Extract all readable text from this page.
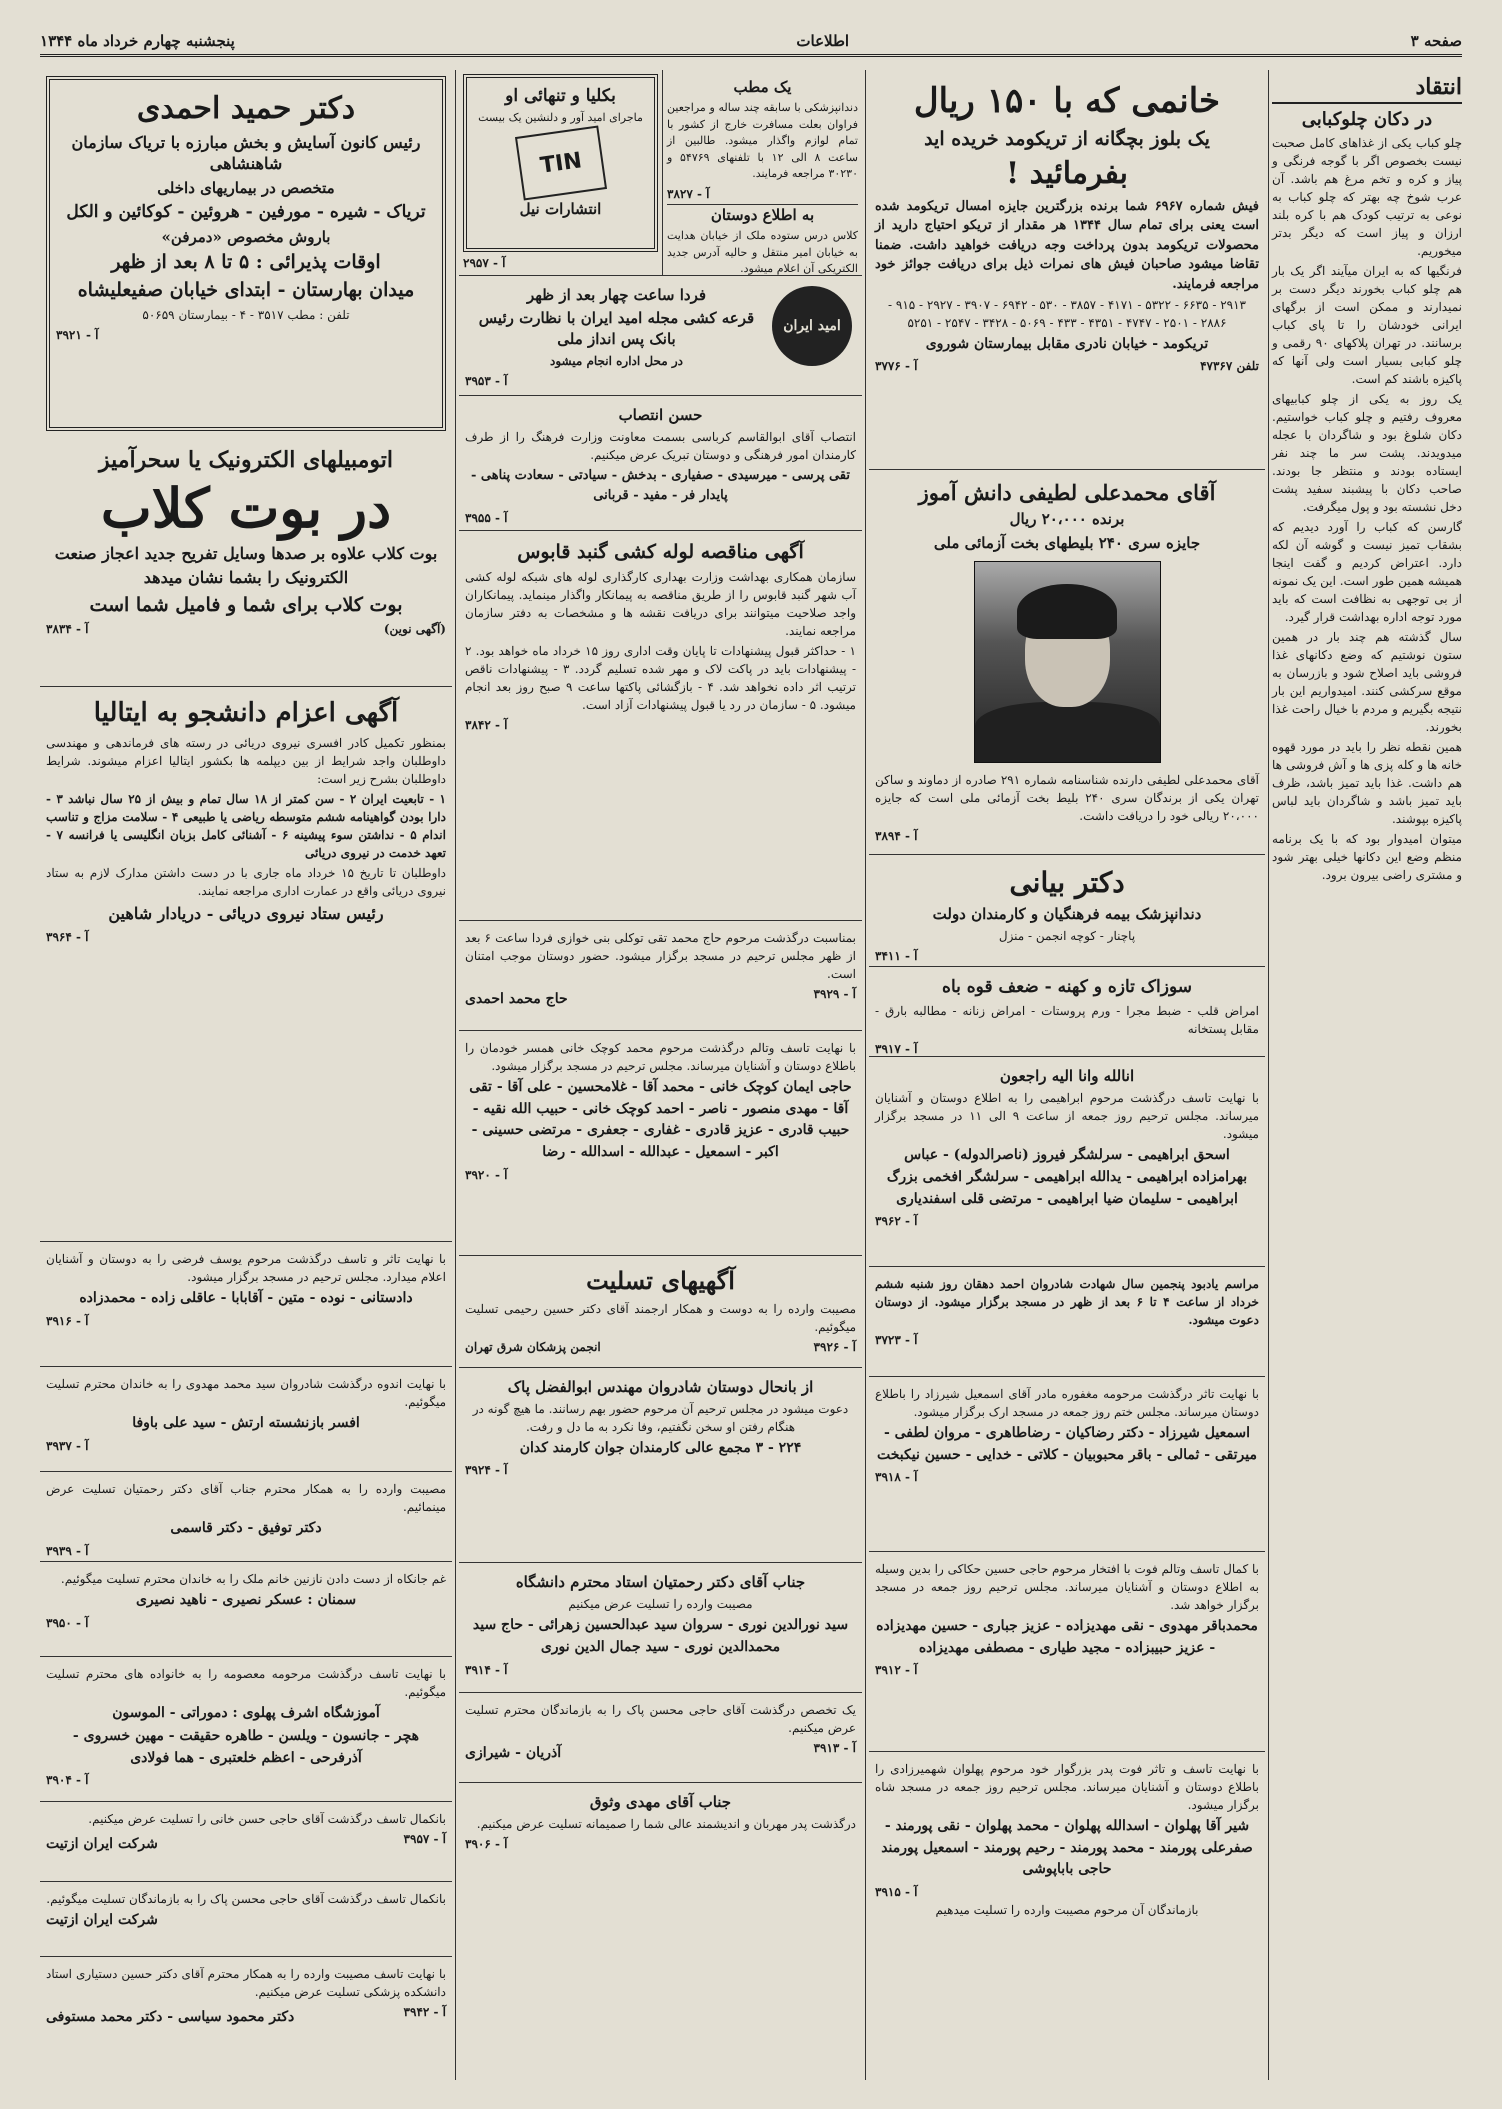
صفحه ۳
اطلاعات
پنجشنبه چهارم خرداد ماه ۱۳۴۴
انتقاد
در دکان چلوکبابی

چلو کباب یکی از غذاهای کامل صحبت نیست بخصوص اگر با گوجه فرنگی و پیاز و کره و تخم مرغ هم باشد. آن عرب شوخ چه بهتر که چلو کباب به نوعی به ترتیب کودک هم با کره بلند ارزان و پیاز است که دیگر بدتر میخوریم.

فرنگیها که به ایران میآیند اگر یک بار هم چلو کباب بخورند دیگر دست بر نمیدارند و ممکن است از برگهای ایرانی خودشان را تا پای کباب برسانند. در تهران پلاکهای ۹۰ رقمی و چلو کبابی بسیار است ولی آنها که پاکیزه باشند کم است.

یک روز به یکی از چلو کبابیهای معروف رفتیم و چلو کباب خواستیم. دکان شلوغ بود و شاگردان با عجله میدویدند. پشت سر ما چند نفر ایستاده بودند و منتظر جا بودند. صاحب دکان با پیشبند سفید پشت دخل نشسته بود و پول میگرفت.

گارسن که کباب را آورد دیدیم که بشقاب تمیز نیست و گوشه آن لکه دارد. اعتراض کردیم و گفت اینجا همیشه همین طور است. این یک نمونه از بی توجهی به نظافت است که باید مورد توجه اداره بهداشت قرار گیرد.

سال گذشته هم چند بار در همین ستون نوشتیم که وضع دکانهای غذا فروشی باید اصلاح شود و بازرسان به موقع سرکشی کنند. امیدواریم این بار نتیجه بگیریم و مردم با خیال راحت غذا بخورند.

همین نقطه نظر را باید در مورد قهوه خانه ها و کله پزی ها و آش فروشی ها هم داشت. غذا باید تمیز باشد، ظرف باید تمیز باشد و شاگردان باید لباس پاکیزه بپوشند.

میتوان امیدوار بود که با یک برنامه منظم وضع این دکانها خیلی بهتر شود و مشتری راضی بیرون برود.

خانمی که با ۱۵۰ ریال
یک بلوز بچگانه از تریکومد خریده اید
بفرمائید !

فیش شماره ۶۹۶۷ شما برنده بزرگترین جایزه امسال تریکومد شده است یعنی برای تمام سال ۱۳۴۴ هر مقدار از تریکو احتیاج دارید از محصولات تریکومد بدون پرداخت وجه دریافت خواهید داشت. ضمنا تقاضا میشود صاحبان فیش های نمرات ذیل برای دریافت جوائز خود مراجعه فرمایند.

۲۹۱۳ - ۶۶۳۵ - ۵۳۲۲ - ۴۱۷۱ - ۳۸۵۷ - ۵۳۰ - ۶۹۴۲ - ۳۹۰۷ - ۲۹۲۷ - ۹۱۵ - ۲۸۸۶ - ۲۵۰۱ - ۴۷۴۷ - ۴۳۵۱ - ۴۳۳ - ۵۰۶۹ - ۳۴۲۸ - ۲۵۴۷ - ۵۲۵۱

تریکومد - خیابان نادری مقابل بیمارستان شوروی
تلفن ۴۷۳۶۷
آ - ۳۷۷۶
آقای محمدعلی لطیفی دانش آموز
برنده ۲۰،۰۰۰ ریال
جایزه سری ۲۴۰ بلیطهای بخت آزمائی ملی

آقای محمدعلی لطیفی دارنده شناسنامه شماره ۲۹۱ صادره از دماوند و ساکن تهران یکی از برندگان سری ۲۴۰ بلیط بخت آزمائی ملی است که جایزه ۲۰،۰۰۰ ریالی خود را دریافت داشت.

آ - ۳۸۹۴
دکتر بیانی
دندانپزشک بیمه فرهنگیان و کارمندان دولت
پاچنار - کوچه انجمن - منزل
آ - ۳۴۱۱
سوزاک تازه و کهنه - ضعف قوه باه

امراض قلب - ضبط مجرا - ورم پروستات - امراض زنانه - مطالبه بارق - مقابل پستخانه

آ - ۳۹۱۷
انالله وانا الیه راجعون

با نهایت تاسف درگذشت مرحوم ابراهیمی را به اطلاع دوستان و آشنایان میرساند. مجلس ترحیم روز جمعه از ساعت ۹ الی ۱۱ در مسجد برگزار میشود.

اسحق ابراهیمی - سرلشگر فیروز (ناصرالدوله) - عباس بهرامزاده ابراهیمی - یدالله ابراهیمی - سرلشگر افخمی بزرگ ابراهیمی - سلیمان ضیا ابراهیمی - مرتضی قلی اسفندیاری
آ - ۳۹۶۲

مراسم یادبود پنجمین سال شهادت شادروان احمد دهقان روز شنبه ششم خرداد از ساعت ۴ تا ۶ بعد از ظهر در مسجد برگزار میشود. از دوستان دعوت میشود.

آ - ۳۷۲۳

با نهایت تاثر درگذشت مرحومه مغفوره مادر آقای اسمعیل شیرزاد را باطلاع دوستان میرساند. مجلس ختم روز جمعه در مسجد ارک برگزار میشود.

اسمعیل شیرزاد - دکتر رضاکیان - رضاطاهری - مروان لطفی - میرتقی - ثمالی - باقر محبوبیان - کلاتی - خدایی - حسین نیکبخت
آ - ۳۹۱۸

با کمال تاسف وتالم فوت با افتخار مرحوم حاجی حسین حکاکی را بدین وسیله به اطلاع دوستان و آشنایان میرساند. مجلس ترحیم روز جمعه در مسجد برگزار خواهد شد.

محمدباقر مهدوی - نقی مهدیزاده - عزیز جباری - حسین مهدیزاده - عزیز حبیبزاده - مجید طیاری - مصطفی مهدیزاده
آ - ۳۹۱۲

با نهایت تاسف و تاثر فوت پدر بزرگوار خود مرحوم پهلوان شهمیرزادی را باطلاع دوستان و آشنایان میرساند. مجلس ترحیم روز جمعه در مسجد شاه برگزار میشود.

شیر آقا پهلوان - اسدالله پهلوان - محمد پهلوان - نقی پورمند - صفرعلی پورمند - محمد پورمند - رحیم پورمند - اسمعیل پورمند حاجی باباپوشی
آ - ۳۹۱۵
بازماندگان آن مرحوم مصیبت وارده را تسلیت میدهیم
یک مطب

دندانپزشکی با سابقه چند ساله و مراجعین فراوان بعلت مسافرت خارج از کشور با تمام لوازم واگذار میشود. طالبین از ساعت ۸ الی ۱۲ با تلفنهای ۵۴۷۶۹ و ۳۰۲۳۰ مراجعه فرمایند.

آ - ۳۸۲۷
به اطلاع دوستان

کلاس درس ستوده ملک از خیابان هدایت به خیابان امیر منتقل و حالیه آدرس جدید الکتریکی آن اعلام میشود.

بکلیا و تنهائی او
ماجرای امید آور و دلنشین یک بیست
TIN
انتشارات نیل
آ - ۲۹۵۷
امید ایران
فردا ساعت چهار بعد از ظهر
قرعه کشی مجله امید ایران با نظارت رئیس بانک پس انداز ملی
در محل اداره انجام میشود
آ - ۳۹۵۳
حسن انتصاب

انتصاب آقای ابوالقاسم کرباسی بسمت معاونت وزارت فرهنگ را از طرف کارمندان امور فرهنگی و دوستان تبریک عرض میکنیم.

تقی پرسی - میرسیدی - صفیاری - بدخش - سیادتی - سعادت پناهی - پایدار فر - مفید - قربانی
آ - ۳۹۵۵
آگهی مناقصه لوله کشی گنبد قابوس

سازمان همکاری بهداشت وزارت بهداری کارگذاری لوله های شبکه لوله کشی آب شهر گنبد قابوس را از طریق مناقصه به پیمانکار واگذار مینماید. پیمانکاران واجد صلاحیت میتوانند برای دریافت نقشه ها و مشخصات به دفتر سازمان مراجعه نمایند.

۱ - حداکثر قبول پیشنهادات تا پایان وقت اداری روز ۱۵ خرداد ماه خواهد بود. ۲ - پیشنهادات باید در پاکت لاک و مهر شده تسلیم گردد. ۳ - پیشنهادات ناقص ترتیب اثر داده نخواهد شد. ۴ - بازگشائی پاکتها ساعت ۹ صبح روز بعد انجام میشود. ۵ - سازمان در رد یا قبول پیشنهادات آزاد است.

آ - ۳۸۴۲

بمناسبت درگذشت مرحوم حاج محمد تقی توکلی بنی خوازی فردا ساعت ۶ بعد از ظهر مجلس ترحیم در مسجد برگزار میشود. حضور دوستان موجب امتنان است.

آ - ۳۹۲۹
حاج محمد احمدی

با نهایت تاسف وتالم درگذشت مرحوم محمد کوچک خانی همسر خودمان را باطلاع دوستان و آشنایان میرساند. مجلس ترحیم در مسجد برگزار میشود.

حاجی ایمان کوچک خانی - محمد آقا - غلامحسین - علی آقا - تقی آقا - مهدی منصور - ناصر - احمد کوچک خانی - حبیب الله نقیه - حبیب قادری - عزیز قادری - غفاری - جعفری - مرتضی حسینی - اکبر - اسمعیل - عبدالله - اسدالله - رضا
آ - ۳۹۲۰
آگهیهای تسلیت

مصیبت وارده را به دوست و همکار ارجمند آقای دکتر حسین رحیمی تسلیت میگوئیم.

آ - ۳۹۲۶
انجمن پزشکان شرق تهران
از بانحال دوستان شادروان مهندس ابوالفضل پاک

دعوت میشود در مجلس ترحیم آن مرحوم حضور بهم رسانند. ما هیچ گونه در هنگام رفتن او سخن نگفتیم، وفا نکرد به ما دل و رفت.

۲۲۴ - ۳ مجمع عالی کارمندان جوان کارمند کدان
آ - ۳۹۲۴
جناب آقای دکتر رحمتیان استاد محترم دانشگاه
مصیبت وارده را تسلیت عرض میکنیم
سید نورالدین نوری - سروان سید عبدالحسین زهرائی - حاج سید محمدالدین نوری - سید جمال الدین نوری
آ - ۳۹۱۴

یک تخصص درگذشت آقای حاجی محسن پاک را به بازماندگان محترم تسلیت عرض میکنیم.

آ - ۳۹۱۳
آذریان - شیرازی
جناب آقای مهدی وثوق

درگذشت پدر مهربان و اندیشمند عالی شما را صمیمانه تسلیت عرض میکنیم.

آ - ۳۹۰۶
دکتر حمید احمدی
رئیس کانون آسایش و بخش مبارزه با تریاک سازمان شاهنشاهی
متخصص در بیماریهای داخلی
تریاک - شیره - مورفین - هروئین - کوکائین و الکل
باروش مخصوص «دمرفن»
اوقات پذیرائی : ۵ تا ۸ بعد از ظهر
میدان بهارستان - ابتدای خیابان صفیعلیشاه
تلفن : مطب ۳۵۱۷ - ۴ - بیمارستان ۵۰۶۵۹
آ - ۳۹۲۱
اتومبیلهای الکترونیک یا سحرآمیز
در بوت کلاب
بوت کلاب علاوه بر صدها وسایل تفریح جدید اعجاز صنعت الکترونیک را بشما نشان میدهد
بوت کلاب برای شما و فامیل شما است
(آگهی نوین)
آ - ۳۸۳۴
آگهی اعزام دانشجو به ایتالیا

بمنظور تکمیل کادر افسری نیروی دریائی در رسته های فرماندهی و مهندسی داوطلبان واجد شرایط از بین دیپلمه ها بکشور ایتالیا اعزام میشوند. شرایط داوطلبان بشرح زیر است:

۱ - تابعیت ایران ۲ - سن کمتر از ۱۸ سال تمام و بیش از ۲۵ سال نباشد ۳ - دارا بودن گواهینامه ششم متوسطه ریاضی یا طبیعی ۴ - سلامت مزاج و تناسب اندام ۵ - نداشتن سوء پیشینه ۶ - آشنائی کامل بزبان انگلیسی یا فرانسه ۷ - تعهد خدمت در نیروی دریائی

داوطلبان تا تاریخ ۱۵ خرداد ماه جاری با در دست داشتن مدارک لازم به ستاد نیروی دریائی واقع در عمارت اداری مراجعه نمایند.

رئیس ستاد نیروی دریائی - دریادار شاهین
آ - ۳۹۶۴

با نهایت تاثر و تاسف درگذشت مرحوم یوسف فرضی را به دوستان و آشنایان اعلام میدارد. مجلس ترحیم در مسجد برگزار میشود.

دادستانی - نوده - متین - آقابابا - عاقلی زاده - محمدزاده
آ - ۳۹۱۶

با نهایت اندوه درگذشت شادروان سید محمد مهدوی را به خاندان محترم تسلیت میگوئیم.

افسر بازنشسته ارتش - سید علی باوفا
آ - ۳۹۳۷

مصیبت وارده را به همکار محترم جناب آقای دکتر رحمتیان تسلیت عرض مینمائیم.

دکتر توفیق - دکتر قاسمی
آ - ۳۹۳۹

غم جانکاه از دست دادن نازنین خانم ملک را به خاندان محترم تسلیت میگوئیم.

سمنان : عسکر نصیری - ناهید نصیری
آ - ۳۹۵۰

با نهایت تاسف درگذشت مرحومه معصومه را به خانواده های محترم تسلیت میگوئیم.

آموزشگاه اشرف پهلوی : دموراتی - الموسون
هچر - جانسون - ویلسن - طاهره حقیقت - مهین خسروی - آذرفرحی - اعظم خلعتبری - هما فولادی
آ - ۳۹۰۴

بانکمال تاسف درگذشت آقای حاجی حسن خانی را تسلیت عرض میکنیم.

آ - ۳۹۵۷
شرکت ایران ازتیت

بانکمال تاسف درگذشت آقای حاجی محسن پاک را به بازماندگان تسلیت میگوئیم.

شرکت ایران ازتیت

با نهایت تاسف مصیبت وارده را به همکار محترم آقای دکتر حسین دستیاری استاد دانشکده پزشکی تسلیت عرض میکنیم.

آ - ۳۹۴۲
دکتر محمود سیاسی - دکتر محمد مستوفی
